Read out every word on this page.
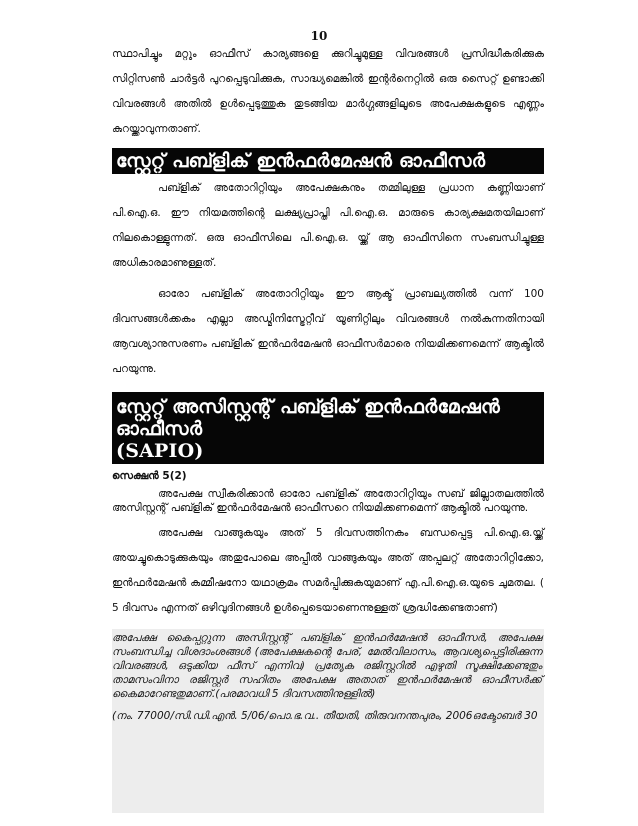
10

സ്ഥാപിച്ചും മറ്റും ഓഫീസ് കാര്യങ്ങളെ ക്കുറിച്ചുമുള്ള വിവരങ്ങൾ പ്രസിദ്ധീകരിക്കുക സിറ്റിസൺ ചാർട്ടർ പുറപ്പെടുവിക്കുക, സാദ്ധ്യമെങ്കിൽ ഇന്റർനെറ്റിൽ ഒരു സൈറ്റ് ഉണ്ടാക്കി വിവരങ്ങൾ അതിൽ ഉൾപ്പെടുത്തുക തുടങ്ങിയ മാർഗ്ഗങ്ങളിലൂടെ അപേക്ഷകളുടെ എണ്ണം കുറയ്ക്കാവുന്നതാണ്.

സ്റ്റേറ്റ് പബ്ളിക് ഇൻഫർമേഷൻ ഓഫീസർ (SPIO)

പബ്ളിക് അതോറിറ്റിയും അപേക്ഷകനും തമ്മിലുള്ള പ്രധാന കണ്ണിയാണ് പി.ഐ.ഒ. ഈ നിയമത്തിന്റെ ലക്ഷ്യപ്രാപ്തി പി.ഐ.ഒ. മാരുടെ കാര്യക്ഷമതയിലാണ് നിലകൊള്ളുന്നത്. ഒരു ഓഫീസിലെ പി.ഐ.ഒ. യ്ക്ക് ആ ഓഫീസിനെ സംബന്ധിച്ചുള്ള അധികാരമാണുള്ളത്.

ഓരോ പബ്ളിക് അതോറിറ്റിയും ഈ ആക്ട് പ്രാബല്യത്തിൽ വന്ന് 100 ദിവസങ്ങൾക്കകം എല്ലാ അഡ്മിനിസ്ട്രേറ്റീവ് യൂണിറ്റിലും വിവരങ്ങൾ നൽകുന്നതിനായി ആവശ്യാനുസരണം പബ്ളിക് ഇൻഫർമേഷൻ ഓഫീസർമാരെ നിയമിക്കണമെന്ന് ആക്ടിൽ പറയുന്നു.

സ്റ്റേറ്റ് അസിസ്റ്റന്റ് പബ്ളിക് ഇൻഫർമേഷൻ ഓഫീസർ
(SAPIO)

സെക്ഷൻ 5(2)

അപേക്ഷ സ്വീകരിക്കാൻ ഓരോ പബ്ളിക് അതോറിറ്റിയും സബ് ജില്ലാതലത്തിൽ അസിസ്റ്റന്റ് പബ്ളിക് ഇൻഫർമേഷൻ ഓഫീസറെ നിയമിക്കണമെന്ന് ആക്ടിൽ പറയുന്നു.

അപേക്ഷ വാങ്ങുകയും അത് 5 ദിവസത്തിനകം ബന്ധപ്പെട്ട പി.ഐ.ഒ.യ്ക്ക് അയച്ചുകൊടുക്കുകയും അതുപോലെ അപ്പീൽ വാങ്ങുകയും അത് അപ്പലറ്റ് അതോറിറ്റിക്കോ, ഇൻഫർമേഷൻ കമ്മീഷനോ യഥാക്രമം സമർപ്പിക്കുകയുമാണ് എ.പി.ഐ.ഒ.യുടെ ചുമതല. ( 5 ദിവസം എന്നത് ഒഴിവുദിനങ്ങൾ ഉൾപ്പെടെയാണെന്നുള്ളത് ശ്രദ്ധിക്കേണ്ടതാണ്)

അപേക്ഷ കൈപ്പറ്റുന്ന അസിസ്റ്റന്റ് പബ്ളിക് ഇൻഫർമേഷൻ ഓഫീസർ, അപേക്ഷ സംബന്ധിച്ച വിശദാംശങ്ങൾ (അപേക്ഷകന്റെ പേര്, മേൽവിലാസം, ആവശ്യപ്പെട്ടിരിക്കുന്ന വിവരങ്ങൾ, ഒടുക്കിയ ഫീസ് എന്നിവ) പ്രത്യേക രജിസ്റ്ററിൽ എഴുതി സൂക്ഷിക്കേണ്ടതും താമസംവിനാ രജിസ്റ്റർ സഹിതം അപേക്ഷ അതാത് ഇൻഫർമേഷൻ ഓഫീസർക്ക് കൈമാറേണ്ടതുമാണ്.(പരമാവധി 5 ദിവസത്തിനുള്ളിൽ)

(നം. 77000/സി.ഡി.എൻ. 5/06/പൊ.ഭ.വ.. തീയതി, തിരുവനന്തപുരം, 2006ഒക്ടോബർ 30
